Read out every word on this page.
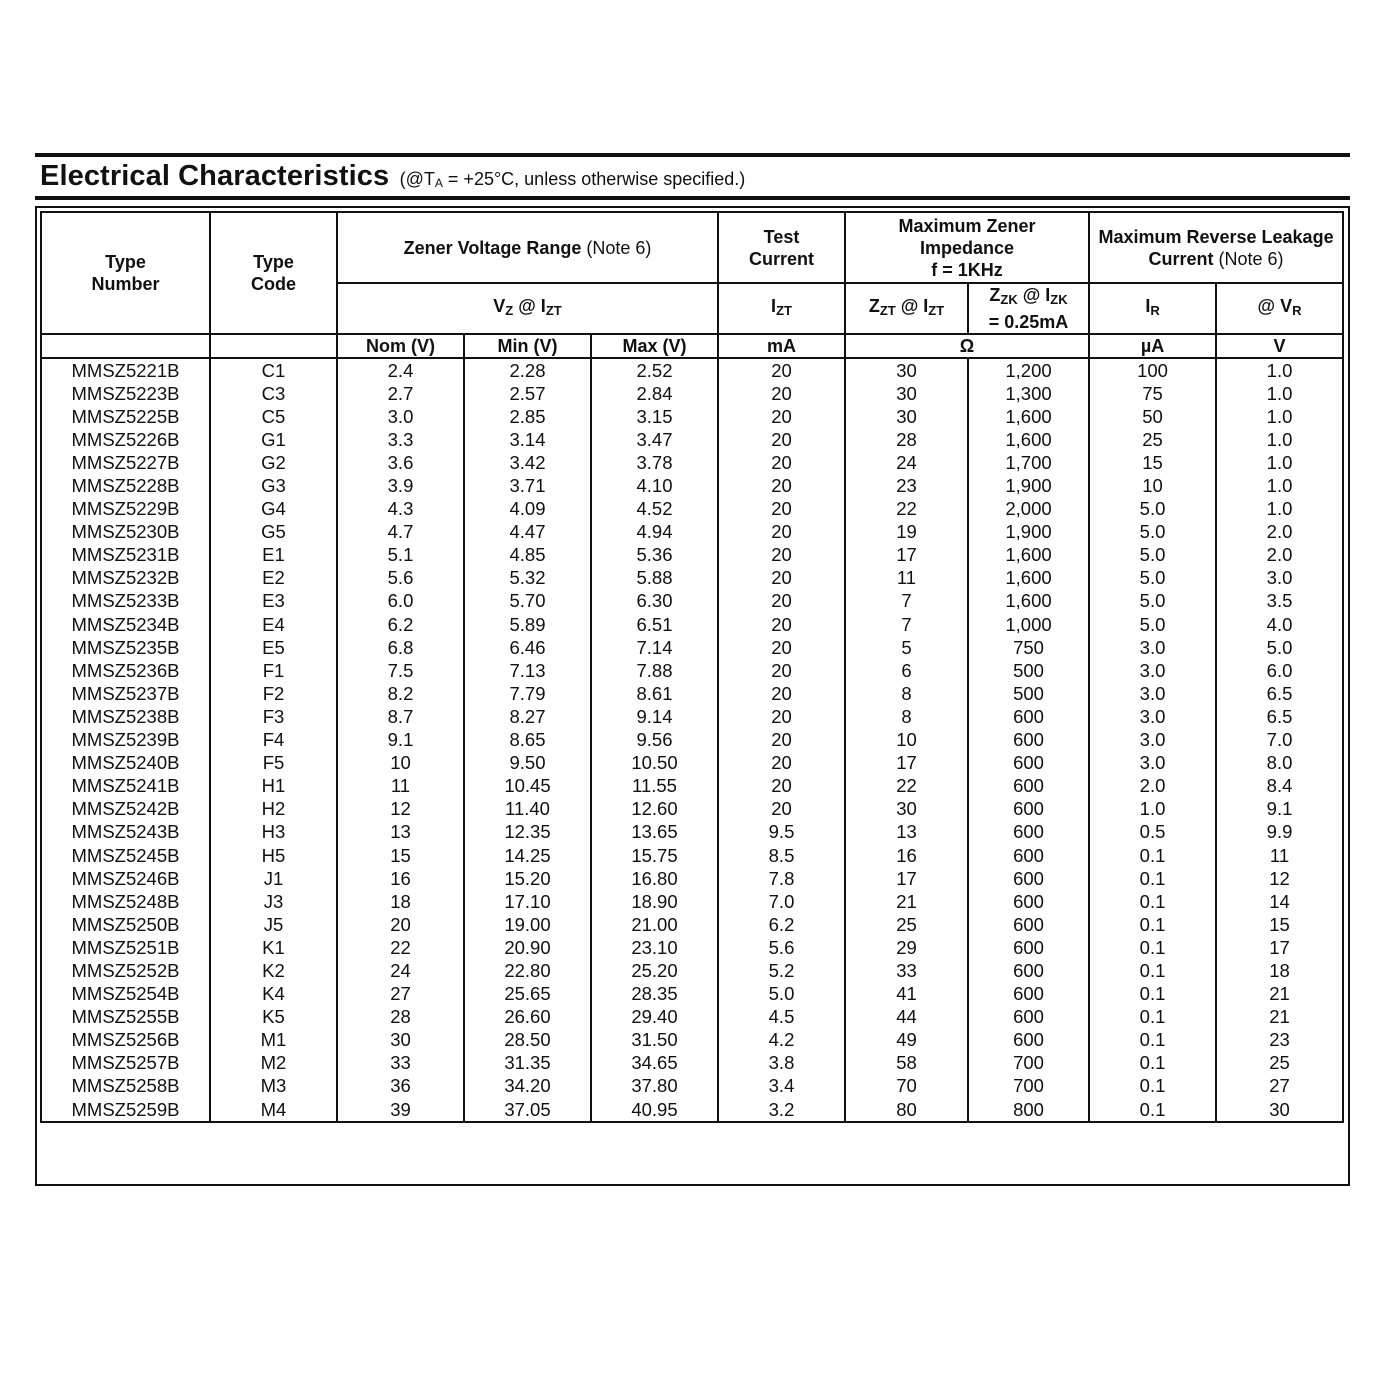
Electrical Characteristics ($@T_A = +25^\circ C$, unless otherwise specified.)
Type Number	Type Code	Zener Voltage Range (Note 6)			Test Current	Maximum Zener Impedance
f = 1KHz		Maximum Reverse Leakage Current (Note 6)	
		$V_Z$ @ $I_{ZT}$			$I_{ZT}$	$Z_{ZT}$ @ $I_{ZT}$	$Z_{ZK}$ @ $I_{ZK}$
= 0.25mA	$I_R$	@ $V_R$
		Nom (V)	Min (V)	Max (V)	mA	Ω		µA	V
MMSZ5221B	C1	2.4	2.28	2.52	20	30	1,200	100	1.0
MMSZ5223B	C3	2.7	2.57	2.84	20	30	1,300	75	1.0
MMSZ5225B	C5	3.0	2.85	3.15	20	30	1,600	50	1.0
MMSZ5226B	G1	3.3	3.14	3.47	20	28	1,600	25	1.0
MMSZ5227B	G2	3.6	3.42	3.78	20	24	1,700	15	1.0
MMSZ5228B	G3	3.9	3.71	4.10	20	23	1,900	10	1.0
MMSZ5229B	G4	4.3	4.09	4.52	20	22	2,000	5.0	1.0
MMSZ5230B	G5	4.7	4.47	4.94	20	19	1,900	5.0	2.0
MMSZ5231B	E1	5.1	4.85	5.36	20	17	1,600	5.0	2.0
MMSZ5232B	E2	5.6	5.32	5.88	20	11	1,600	5.0	3.0
MMSZ5233B	E3	6.0	5.70	6.30	20	7	1,600	5.0	3.5
MMSZ5234B	E4	6.2	5.89	6.51	20	7	1,000	5.0	4.0
MMSZ5235B	E5	6.8	6.46	7.14	20	5	750	3.0	5.0
MMSZ5236B	F1	7.5	7.13	7.88	20	6	500	3.0	6.0
MMSZ5237B	F2	8.2	7.79	8.61	20	8	500	3.0	6.5
MMSZ5238B	F3	8.7	8.27	9.14	20	8	600	3.0	6.5
MMSZ5239B	F4	9.1	8.65	9.56	20	10	600	3.0	7.0
MMSZ5240B	F5	10	9.50	10.50	20	17	600	3.0	8.0
MMSZ5241B	H1	11	10.45	11.55	20	22	600	2.0	8.4
MMSZ5242B	H2	12	11.40	12.60	20	30	600	1.0	9.1
MMSZ5243B	H3	13	12.35	13.65	9.5	13	600	0.5	9.9
MMSZ5245B	H5	15	14.25	15.75	8.5	16	600	0.1	11
MMSZ5246B	J1	16	15.20	16.80	7.8	17	600	0.1	12
MMSZ5248B	J3	18	17.10	18.90	7.0	21	600	0.1	14
MMSZ5250B	J5	20	19.00	21.00	6.2	25	600	0.1	15
MMSZ5251B	K1	22	20.90	23.10	5.6	29	600	0.1	17
MMSZ5252B	K2	24	22.80	25.20	5.2	33	600	0.1	18
MMSZ5254B	K4	27	25.65	28.35	5.0	41	600	0.1	21
MMSZ5255B	K5	28	26.60	29.40	4.5	44	600	0.1	21
MMSZ5256B	M1	30	28.50	31.50	4.2	49	600	0.1	23
MMSZ5257B	M2	33	31.35	34.65	3.8	58	700	0.1	25
MMSZ5258B	M3	36	34.20	37.80	3.4	70	700	0.1	27
MMSZ5259B	M4	39	37.05	40.95	3.2	80	800	0.1	30
